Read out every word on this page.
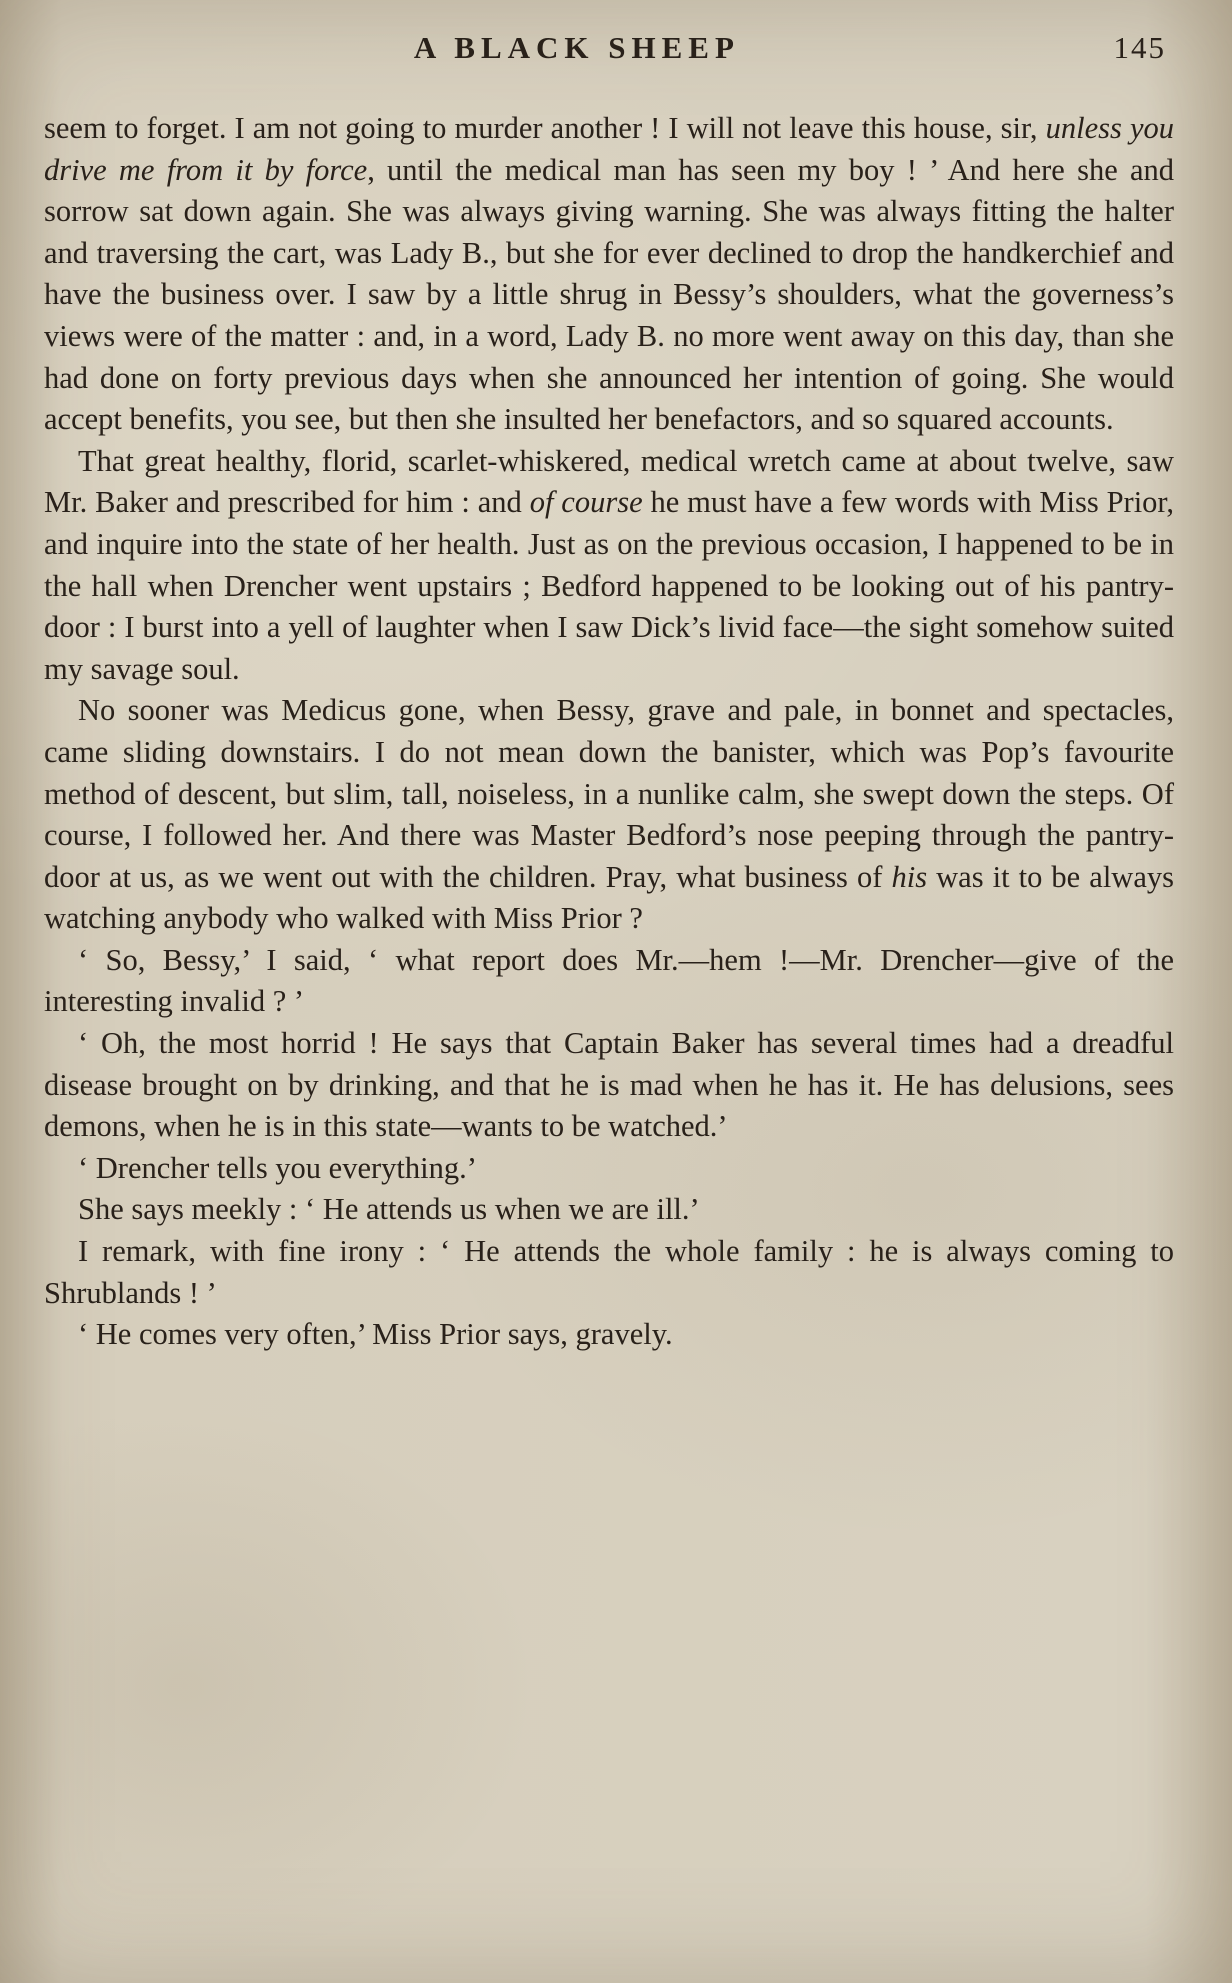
A BLACK SHEEP	145

seem to forget. I am not going to murder another ! I will not leave this house, sir, unless you drive me from it by force, until the medical man has seen my boy ! ’ And here she and sorrow sat down again. She was always giving warning. She was always fitting the halter and traversing the cart, was Lady B., but she for ever declined to drop the handkerchief and have the business over. I saw by a little shrug in Bessy’s shoulders, what the governess’s views were of the matter : and, in a word, Lady B. no more went away on this day, than she had done on forty previous days when she announced her intention of going. She would accept benefits, you see, but then she insulted her benefactors, and so squared accounts.

That great healthy, florid, scarlet-whiskered, medical wretch came at about twelve, saw Mr. Baker and prescribed for him : and of course he must have a few words with Miss Prior, and inquire into the state of her health. Just as on the previous occasion, I happened to be in the hall when Drencher went upstairs ; Bedford happened to be looking out of his pantry-door : I burst into a yell of laughter when I saw Dick’s livid face—the sight somehow suited my savage soul.

No sooner was Medicus gone, when Bessy, grave and pale, in bonnet and spectacles, came sliding downstairs. I do not mean down the banister, which was Pop’s favourite method of descent, but slim, tall, noiseless, in a nunlike calm, she swept down the steps. Of course, I followed her. And there was Master Bedford’s nose peeping through the pantry-door at us, as we went out with the children. Pray, what business of his was it to be always watching anybody who walked with Miss Prior ?

‘ So, Bessy,’ I said, ‘ what report does Mr.—hem !—Mr. Drencher—give of the interesting invalid ? ’

‘ Oh, the most horrid ! He says that Captain Baker has several times had a dreadful disease brought on by drinking, and that he is mad when he has it. He has delusions, sees demons, when he is in this state—wants to be watched.’

‘ Drencher tells you everything.’

She says meekly : ‘ He attends us when we are ill.’

I remark, with fine irony : ‘ He attends the whole family : he is always coming to Shrublands ! ’

‘ He comes very often,’ Miss Prior says, gravely.
